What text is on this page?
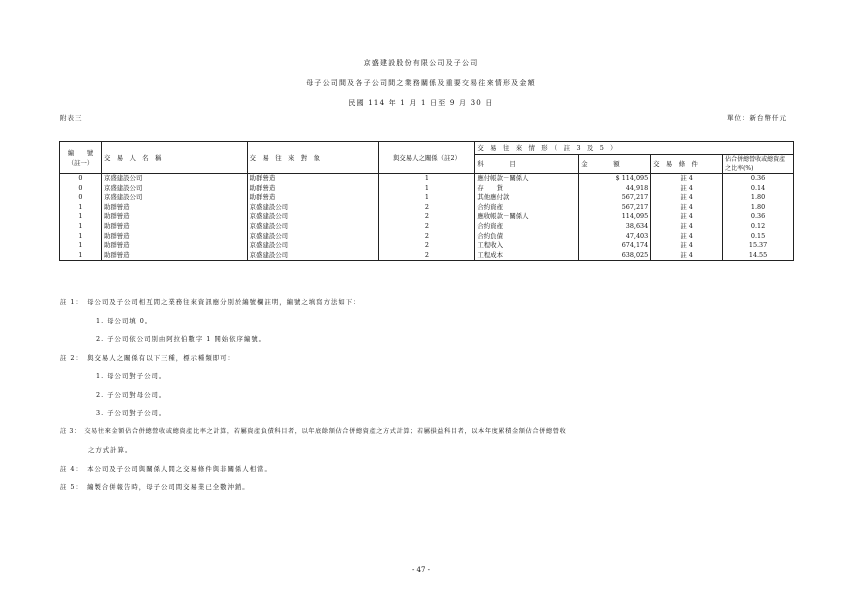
京盛建設股份有限公司及子公司
母子公司間及各子公司間之業務關係及重要交易往來情形及金額
民國 114 年 1 月 1 日至 9 月 30 日
附表三	單位：新台幣仟元
編　　號（註一）	交　易　人　名　稱	交　易　往　來　對　象	與交易人之關係（註2）	交　易　往　來　情　形　（　註　3　及　5　）			
				科　　　　目	金　　　　額	交　易　條　件	佔合併總營收或總資產之比率(%)
0	京盛建設公司	助群營造	1	應付帳款－關係人	$ 114,095	註 4	0.36
0	京盛建設公司	助群營造	1	存　　貨	44,918	註 4	0.14
0	京盛建設公司	助群營造	1	其他應付款	567,217	註 4	1.80
1	助群營造	京盛建設公司	2	合約資產	567,217	註 4	1.80
1	助群營造	京盛建設公司	2	應收帳款－關係人	114,095	註 4	0.36
1	助群營造	京盛建設公司	2	合約資產	38,634	註 4	0.12
1	助群營造	京盛建設公司	2	合約負債	47,403	註 4	0.15
1	助群營造	京盛建設公司	2	工程收入	674,174	註 4	15.37
1	助群營造	京盛建設公司	2	工程成本	638,025	註 4	14.55
註 1：　母公司及子公司相互間之業務往來資訊應分別於編號欄註明，編號之填寫方法如下：
1. 母公司填 0。
2. 子公司依公司別由阿拉伯數字 1 開始依序編號。
註 2：　與交易人之關係有以下三種，標示種類即可：
1. 母公司對子公司。
2. 子公司對母公司。
3. 子公司對子公司。
註 3：　交易往來金額佔合併總營收或總資產比率之計算，若屬資產負債科目者，以年底餘額佔合併總資產之方式計算；若屬損益科目者，以本年度累積金額佔合併總營收
之方式計算。
註 4：　本公司及子公司與關係人間之交易條件與非關係人相當。
註 5：　編製合併報告時，母子公司間交易業已全數沖銷。
- 47 -
